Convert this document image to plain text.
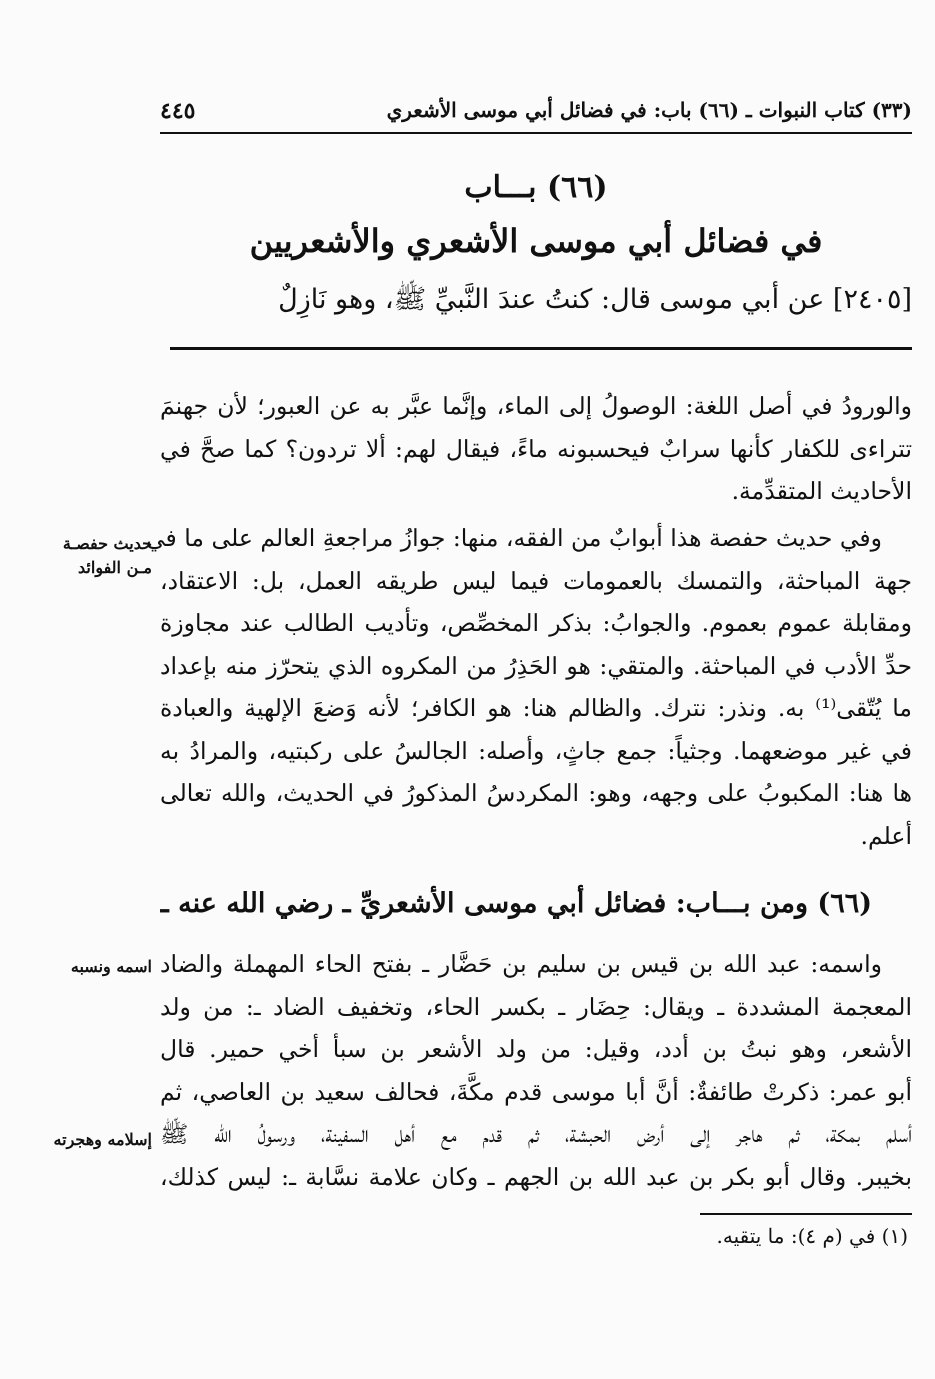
(٣٣) كتاب النبوات ـ (٦٦) باب: في فضائل أبي موسى الأشعري
٤٤٥
(٦٦) بـــاب
في فضائل أبي موسى الأشعري والأشعريين
[٢٤٠٥] عن أبي موسى قال: كنتُ عندَ النَّبيِّ ﷺ، وهو نَازِلٌ
والورودُ في أصل اللغة: الوصولُ إلى الماء، وإنَّما عبَّر به عن العبور؛ لأن جهنمَ
تتراءى للكفار كأنها سرابٌ فيحسبونه ماءً، فيقال لهم: ألا تردون؟ كما صحَّ في
الأحاديث المتقدِّمة.
وفي حديث حفصة هذا أبوابٌ من الفقه، منها: جوازُ مراجعةِ العالم على ما في
جهة المباحثة، والتمسك بالعمومات فيما ليس طريقه العمل، بل: الاعتقاد،
ومقابلة عموم بعموم. والجوابُ: بذكر المخصِّص، وتأديب الطالب عند مجاوزة
حدِّ الأدب في المباحثة. والمتقي: هو الحَذِرُ من المكروه الذي يتحرّز منه بإعداد
ما يُتّقى⁽¹⁾ به. ونذر: نترك. والظالم هنا: هو الكافر؛ لأنه وَضعَ الإلهية والعبادة
في غير موضعهما. وجثياً: جمع جاثٍ، وأصله: الجالسُ على ركبتيه، والمرادُ به
ها هنا: المكبوبُ على وجهه، وهو: المكردسُ المذكورُ في الحديث، والله تعالى
أعلم.
حديث حفصـة مـن الفوائد
(٦٦) ومن بـــاب: فضائل أبي موسى الأشعريِّ ـ رضي الله عنه ـ
واسمه: عبد الله بن قيس بن سليم بن حَضَّار ـ بفتح الحاء المهملة والضاد
المعجمة المشددة ـ ويقال: حِضَار ـ بكسر الحاء، وتخفيف الضاد ـ: من ولد
الأشعر، وهو نبتُ بن أدد، وقيل: من ولد الأشعر بن سبأ أخي حمير. قال
أبو عمر: ذكرتْ طائفةٌ: أنَّ أبا موسى قدم مكَّةَ، فحالف سعيد بن العاصي، ثم
أسلم بمكة، ثم هاجر إلى أرض الحبشة، ثم قدم مع أهل السفينة، ورسولُ الله ﷺ
بخيبر. وقال أبو بكر بن عبد الله بن الجهم ـ وكان علامة نسَّابة ـ: ليس كذلك،
اسمه ونسبه
إسلامه وهجرته
(١) في (م ٤): ما يتقيه.
